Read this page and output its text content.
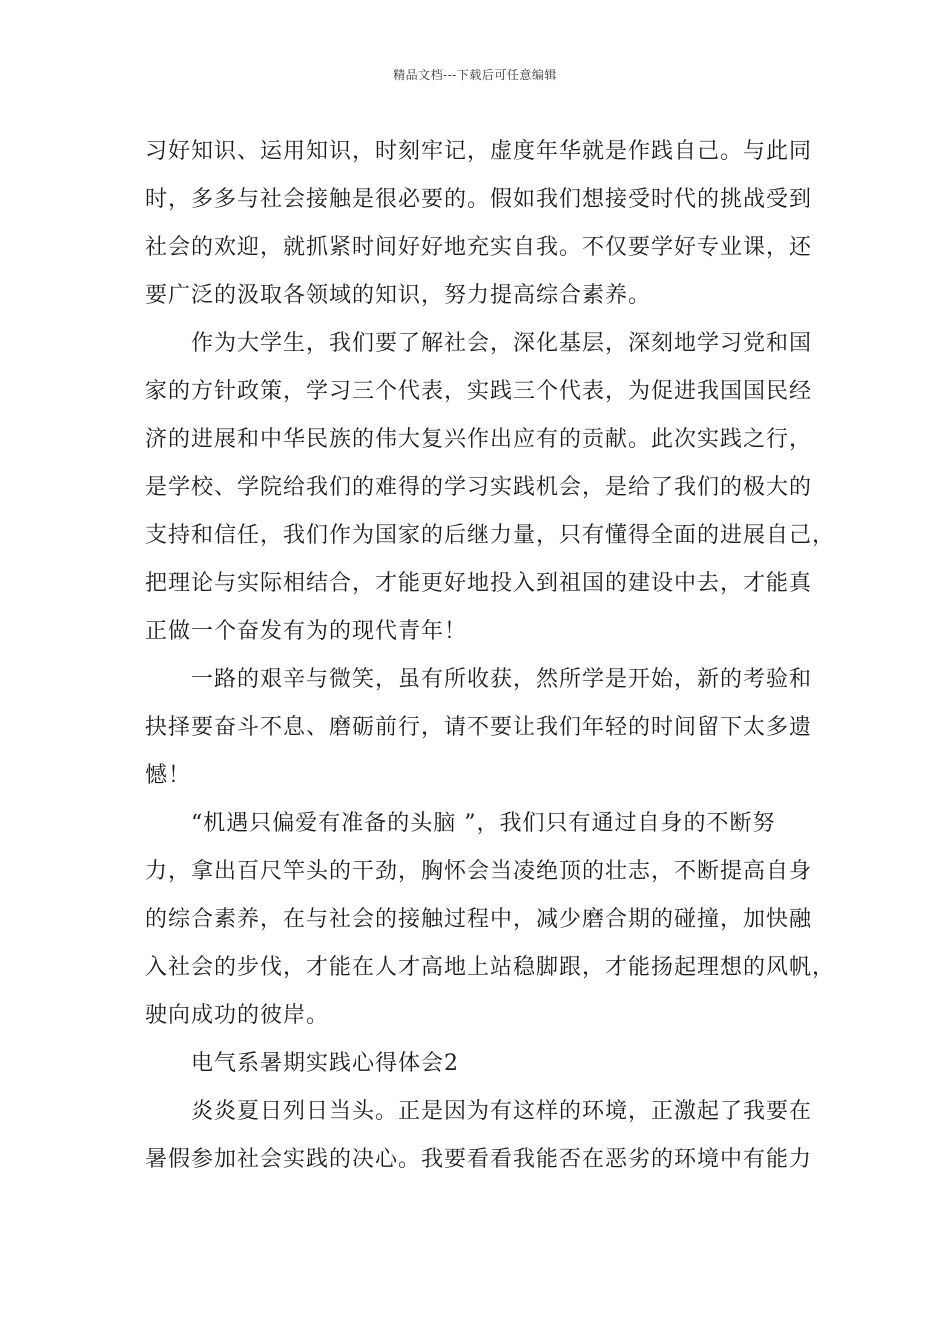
精品文档---下载后可任意编辑
习好知识、运用知识，时刻牢记，虚度年华就是作践自己。与此同
时，多多与社会接触是很必要的。假如我们想接受时代的挑战受到
社会的欢迎，就抓紧时间好好地充实自我。不仅要学好专业课，还
要广泛的汲取各领域的知识，努力提高综合素养。
作为大学生，我们要了解社会，深化基层，深刻地学习党和国
家的方针政策，学习三个代表，实践三个代表，为促进我国国民经
济的进展和中华民族的伟大复兴作出应有的贡献。此次实践之行，
是学校、学院给我们的难得的学习实践机会，是给了我们的极大的
支持和信任，我们作为国家的后继力量，只有懂得全面的进展自己，
把理论与实际相结合，才能更好地投入到祖国的建设中去，才能真
正做一个奋发有为的现代青年！
一路的艰辛与微笑，虽有所收获，然所学是开始，新的考验和
抉择要奋斗不息、磨砺前行，请不要让我们年轻的时间留下太多遗
憾！
“机遇只偏爱有准备的头脑 ”，我们只有通过自身的不断努
力，拿出百尺竿头的干劲，胸怀会当凌绝顶的壮志，不断提高自身
的综合素养，在与社会的接触过程中，减少磨合期的碰撞，加快融
入社会的步伐，才能在人才高地上站稳脚跟，才能扬起理想的风帆，
驶向成功的彼岸。
电气系暑期实践心得体会2
炎炎夏日列日当头。正是因为有这样的环境，正激起了我要在
暑假参加社会实践的决心。我要看看我能否在恶劣的环境中有能力
